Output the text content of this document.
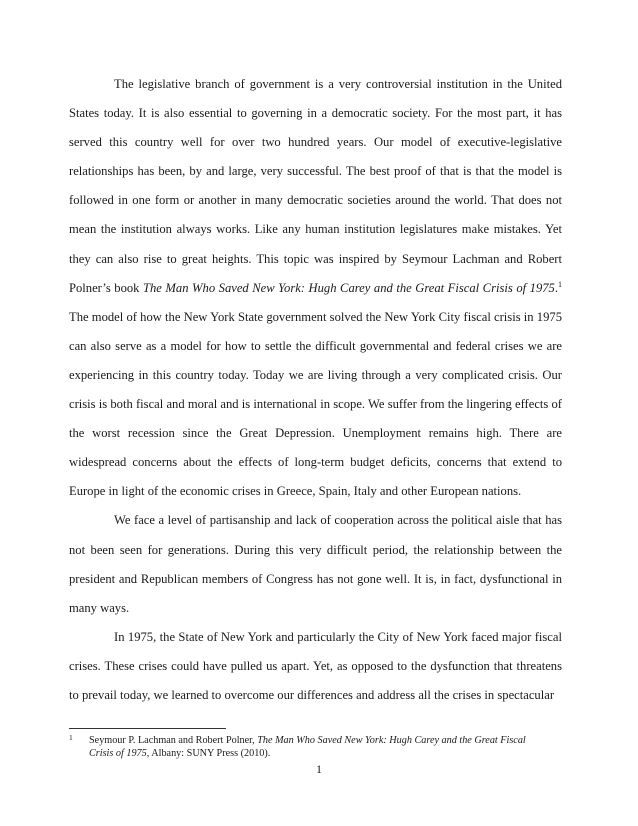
The legislative branch of government is a very controversial institution in the United States today. It is also essential to governing in a democratic society. For the most part, it has served this country well for over two hundred years. Our model of executive-legislative relationships has been, by and large, very successful. The best proof of that is that the model is followed in one form or another in many democratic societies around the world. That does not mean the institution always works. Like any human institution legislatures make mistakes. Yet they can also rise to great heights. This topic was inspired by Seymour Lachman and Robert Polner’s book The Man Who Saved New York: Hugh Carey and the Great Fiscal Crisis of 1975.$^1$ The model of how the New York State government solved the New York City fiscal crisis in 1975 can also serve as a model for how to settle the difficult governmental and federal crises we are experiencing in this country today. Today we are living through a very complicated crisis. Our crisis is both fiscal and moral and is international in scope. We suffer from the lingering effects of the worst recession since the Great Depression. Unemployment remains high. There are widespread concerns about the effects of long-term budget deficits, concerns that extend to Europe in light of the economic crises in Greece, Spain, Italy and other European nations.

We face a level of partisanship and lack of cooperation across the political aisle that has not been seen for generations. During this very difficult period, the relationship between the president and Republican members of Congress has not gone well. It is, in fact, dysfunctional in many ways.

In 1975, the State of New York and particularly the City of New York faced major fiscal crises. These crises could have pulled us apart. Yet, as opposed to the dysfunction that threatens to prevail today, we learned to overcome our differences and address all the crises in spectacular

1 Seymour P. Lachman and Robert Polner, The Man Who Saved New York: Hugh Carey and the Great Fiscal Crisis of 1975, Albany: SUNY Press (2010).
1
